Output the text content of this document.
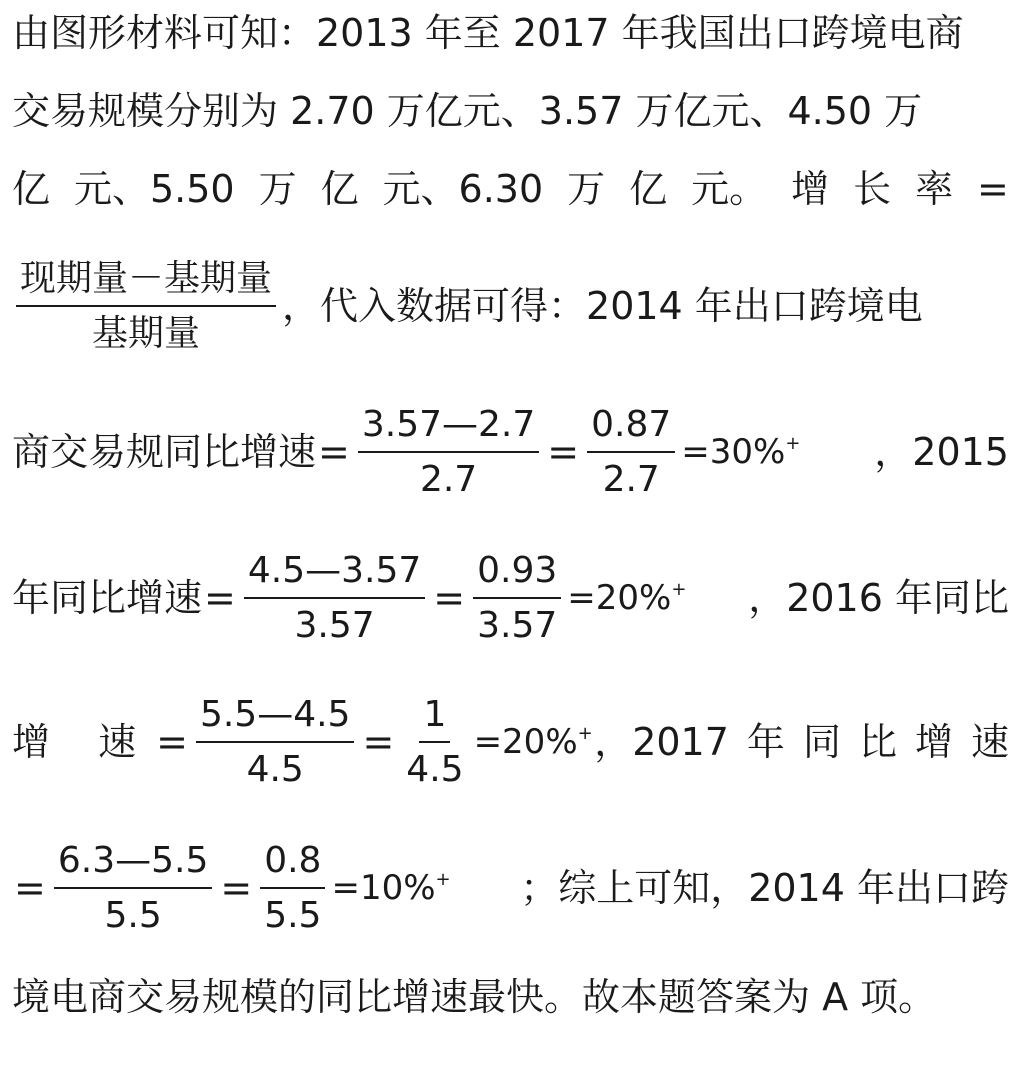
由图形材料可知：2013 年至 2017 年我国出口跨境电商
交易规模分别为 2.70 万亿元、3.57 万亿元、4.50 万
亿 元、5.50 万 亿 元、6.30 万 亿 元。 增 长 率 =
$\frac{\text{现期量－基期量}}{\text{基期量}}$ ，代入数据可得：2014 年出口跨境电
商交易规同比增速 = $\frac{3.57—2.7}{2.7} = \frac{0.87}{2.7} =30\%^+$ ，2015
年同比增速 = $\frac{4.5—3.57}{3.57} = \frac{0.93}{3.57} =20\%^+$ ，2016 年同比
增 速 = $\frac{5.5—4.5}{4.5} = \frac{1}{4.5} =20\%^+$ ，2017 年 同 比 增 速
= $\frac{6.3—5.5}{5.5} = \frac{0.8}{5.5} =10\%^+$ ；综上可知，2014 年出口跨
境电商交易规模的同比增速最快。故本题答案为 A 项。
